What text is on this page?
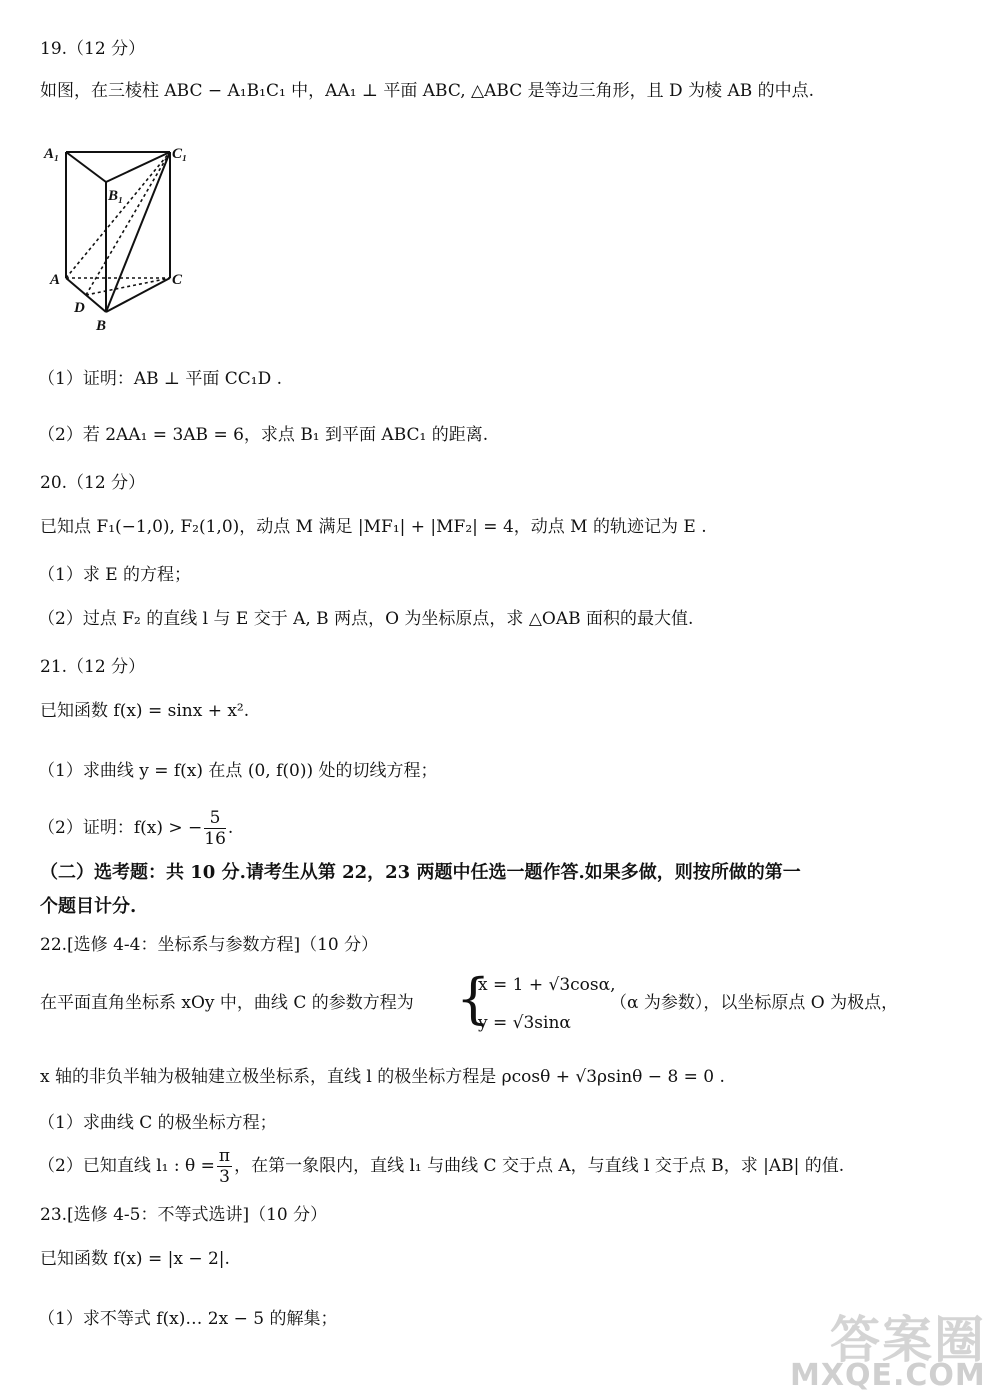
19.（12 分）
如图，在三棱柱 ABC − A₁B₁C₁ 中，AA₁ ⊥ 平面 ABC, △ABC 是等边三角形，且 D 为棱 AB 的中点.
A₁	C₁
B₁
A	C
D
B
（1）证明：AB ⊥ 平面 CC₁D .
（2）若 2AA₁ = 3AB = 6，求点 B₁ 到平面 ABC₁ 的距离.
20.（12 分）
已知点 F₁(−1,0), F₂(1,0)，动点 M 满足 |MF₁| + |MF₂| = 4，动点 M 的轨迹记为 E .
（1）求 E 的方程；
（2）过点 F₂ 的直线 l 与 E 交于 A, B 两点，O 为坐标原点，求 △OAB 面积的最大值.
21.（12 分）
已知函数 f(x) = sinx + x².
（1）求曲线 y = f(x) 在点 (0, f(0)) 处的切线方程；
（2）证明：f(x) > − $\frac{5}{16}$ .
（二）选考题：共 10 分.请考生从第 22，23 两题中任选一题作答.如果多做，则按所做的第一
个题目计分.
22.[选修 4-4：坐标系与参数方程]（10 分）
在平面直角坐标系 xOy 中，曲线 C 的参数方程为 {
x = 1 + √3cosα,
y = √3sinα
（α 为参数），以坐标原点 O 为极点，
x 轴的非负半轴为极轴建立极坐标系，直线 l 的极坐标方程是 ρcosθ + √3ρsinθ − 8 = 0 .
（1）求曲线 C 的极坐标方程；
（2）已知直线 l₁ : $\theta = \frac{\pi}{3}$ ，在第一象限内，直线 l₁ 与曲线 C 交于点 A，与直线 l 交于点 B，求 |AB| 的值.
23.[选修 4-5：不等式选讲]（10 分）
已知函数 f(x) = |x − 2|.
（1）求不等式 f(x)… 2x − 5 的解集；	答案圈
MXQE.COM
